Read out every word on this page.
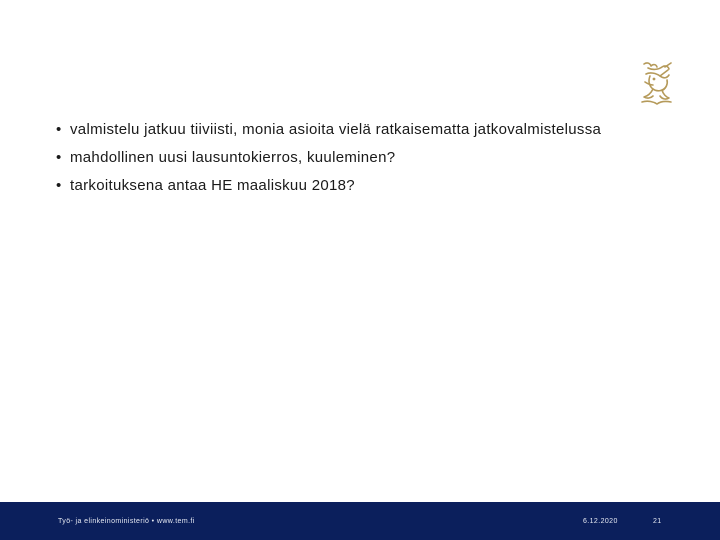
• valmistelu jatkuu tiiviisti, monia asioita vielä ratkaisematta jatkovalmistelussa
• mahdollinen uusi lausuntokierros, kuuleminen?
• tarkoituksena antaa HE maaliskuu 2018?
Työ- ja elinkeinoministeriö • www.tem.fi	6.12.2020	21
